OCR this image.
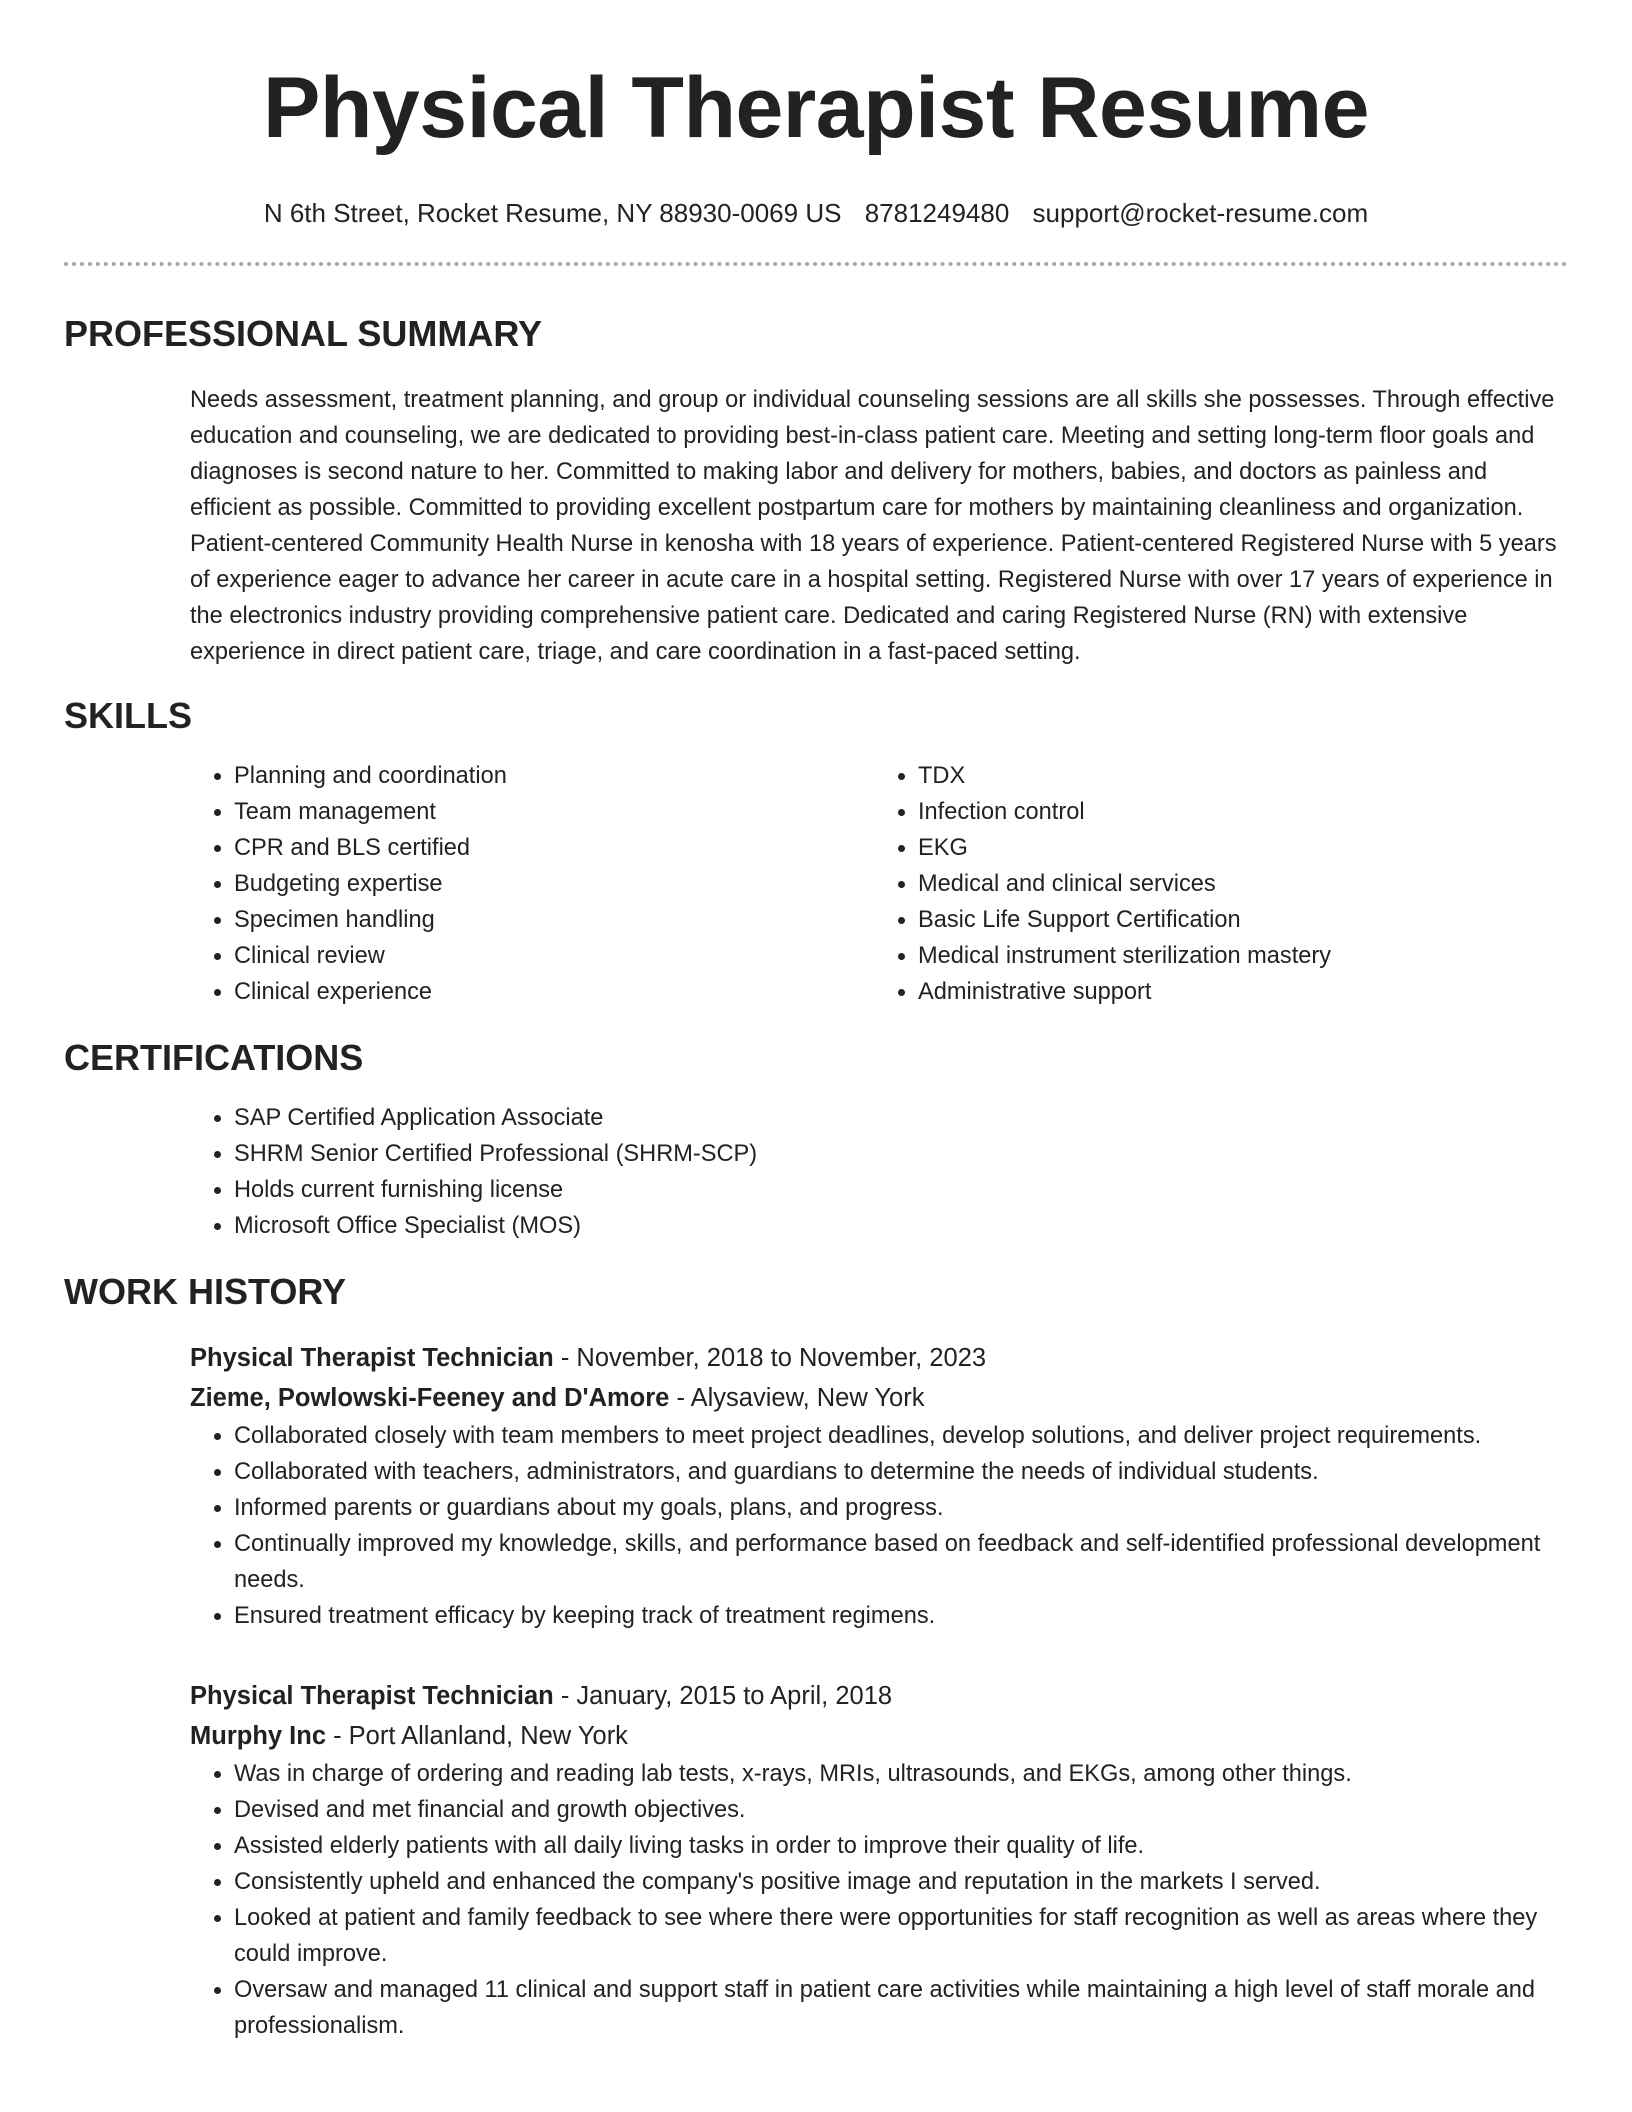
Physical Therapist Resume
N 6th Street, Rocket Resume, NY 88930-0069 US 8781249480 support@rocket-resume.com
PROFESSIONAL SUMMARY
Needs assessment, treatment planning, and group or individual counseling sessions are all skills she possesses. Through effective education and counseling, we are dedicated to providing best-in-class patient care. Meeting and setting long-term floor goals and diagnoses is second nature to her. Committed to making labor and delivery for mothers, babies, and doctors as painless and efficient as possible. Committed to providing excellent postpartum care for mothers by maintaining cleanliness and organization. Patient-centered Community Health Nurse in kenosha with 18 years of experience. Patient-centered Registered Nurse with 5 years of experience eager to advance her career in acute care in a hospital setting. Registered Nurse with over 17 years of experience in the electronics industry providing comprehensive patient care. Dedicated and caring Registered Nurse (RN) with extensive experience in direct patient care, triage, and care coordination in a fast-paced setting.
SKILLS
• Planning and coordination
• Team management
• CPR and BLS certified
• Budgeting expertise
• Specimen handling
• Clinical review
• Clinical experience
• TDX
• Infection control
• EKG
• Medical and clinical services
• Basic Life Support Certification
• Medical instrument sterilization mastery
• Administrative support
CERTIFICATIONS
• SAP Certified Application Associate
• SHRM Senior Certified Professional (SHRM-SCP)
• Holds current furnishing license
• Microsoft Office Specialist (MOS)
WORK HISTORY
Physical Therapist Technician - November, 2018 to November, 2023
Zieme, Powlowski-Feeney and D'Amore - Alysaview, New York
• Collaborated closely with team members to meet project deadlines, develop solutions, and deliver project requirements.
• Collaborated with teachers, administrators, and guardians to determine the needs of individual students.
• Informed parents or guardians about my goals, plans, and progress.
• Continually improved my knowledge, skills, and performance based on feedback and self-identified professional development needs.
• Ensured treatment efficacy by keeping track of treatment regimens.
Physical Therapist Technician - January, 2015 to April, 2018
Murphy Inc - Port Allanland, New York
• Was in charge of ordering and reading lab tests, x-rays, MRIs, ultrasounds, and EKGs, among other things.
• Devised and met financial and growth objectives.
• Assisted elderly patients with all daily living tasks in order to improve their quality of life.
• Consistently upheld and enhanced the company's positive image and reputation in the markets I served.
• Looked at patient and family feedback to see where there were opportunities for staff recognition as well as areas where they could improve.
• Oversaw and managed 11 clinical and support staff in patient care activities while maintaining a high level of staff morale and professionalism.
